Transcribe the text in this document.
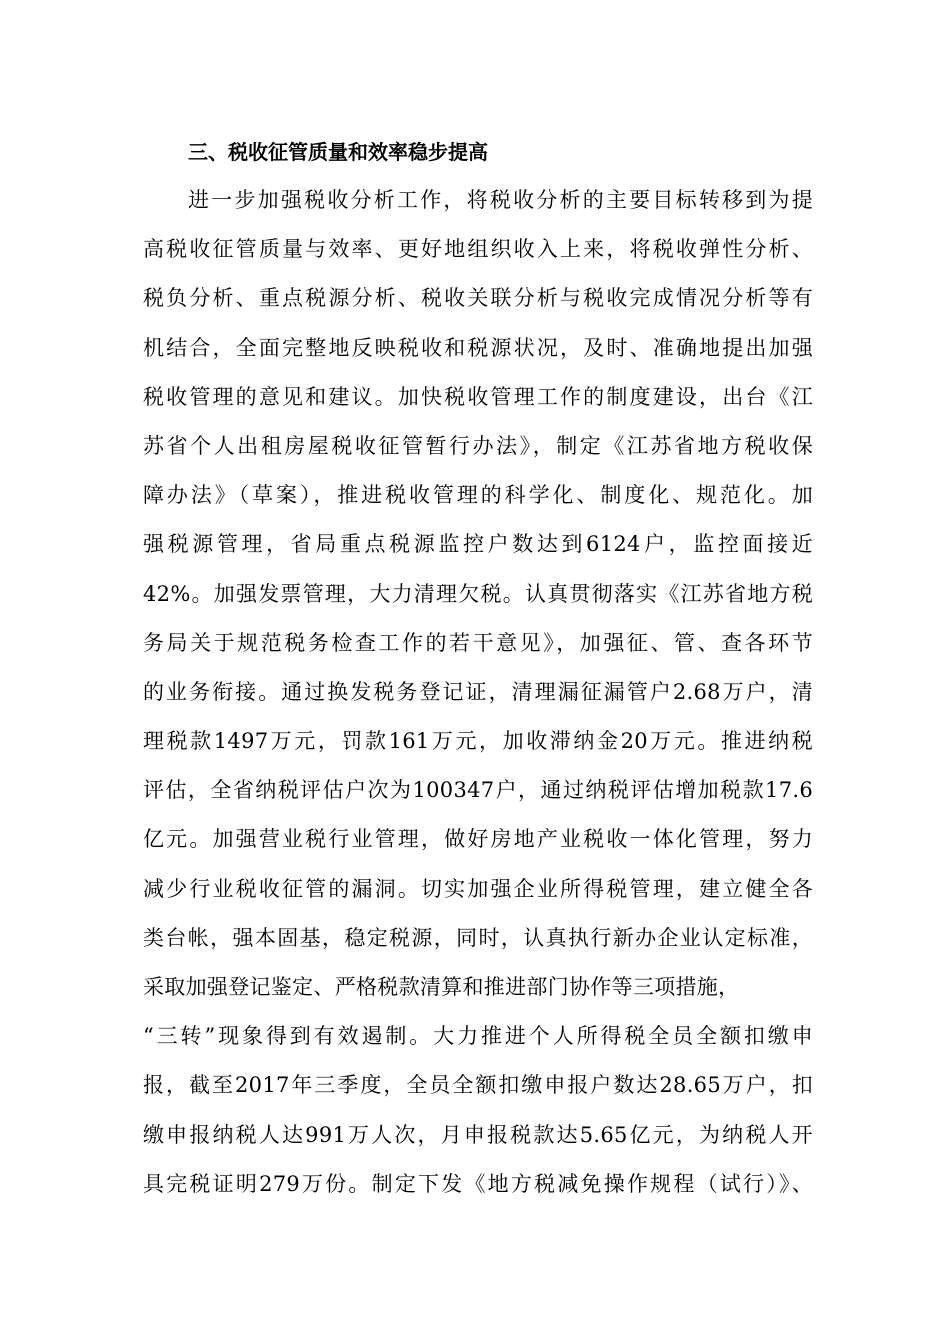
三、税收征管质量和效率稳步提高
进一步加强税收分析工作，将税收分析的主要目标转移到为提
高税收征管质量与效率、更好地组织收入上来，将税收弹性分析、
税负分析、重点税源分析、税收关联分析与税收完成情况分析等有
机结合，全面完整地反映税收和税源状况，及时、准确地提出加强
税收管理的意见和建议。加快税收管理工作的制度建设，出台《江
苏省个人出租房屋税收征管暂行办法》，制定《江苏省地方税收保
障办法》（草案），推进税收管理的科学化、制度化、规范化。加
强税源管理，省局重点税源监控户数达到6124户，监控面接近
42%。加强发票管理，大力清理欠税。认真贯彻落实《江苏省地方税
务局关于规范税务检查工作的若干意见》，加强征、管、查各环节
的业务衔接。通过换发税务登记证，清理漏征漏管户2.68万户，清
理税款1497万元，罚款161万元，加收滞纳金20万元。推进纳税
评估，全省纳税评估户次为100347户，通过纳税评估增加税款17.6
亿元。加强营业税行业管理，做好房地产业税收一体化管理，努力
减少行业税收征管的漏洞。切实加强企业所得税管理，建立健全各
类台帐，强本固基，稳定税源，同时，认真执行新办企业认定标准，
采取加强登记鉴定、严格税款清算和推进部门协作等三项措施，
“三转”现象得到有效遏制。大力推进个人所得税全员全额扣缴申
报，截至2017年三季度，全员全额扣缴申报户数达28.65万户，扣
缴申报纳税人达991万人次，月申报税款达5.65亿元，为纳税人开
具完税证明279万份。制定下发《地方税减免操作规程（试行）》、
